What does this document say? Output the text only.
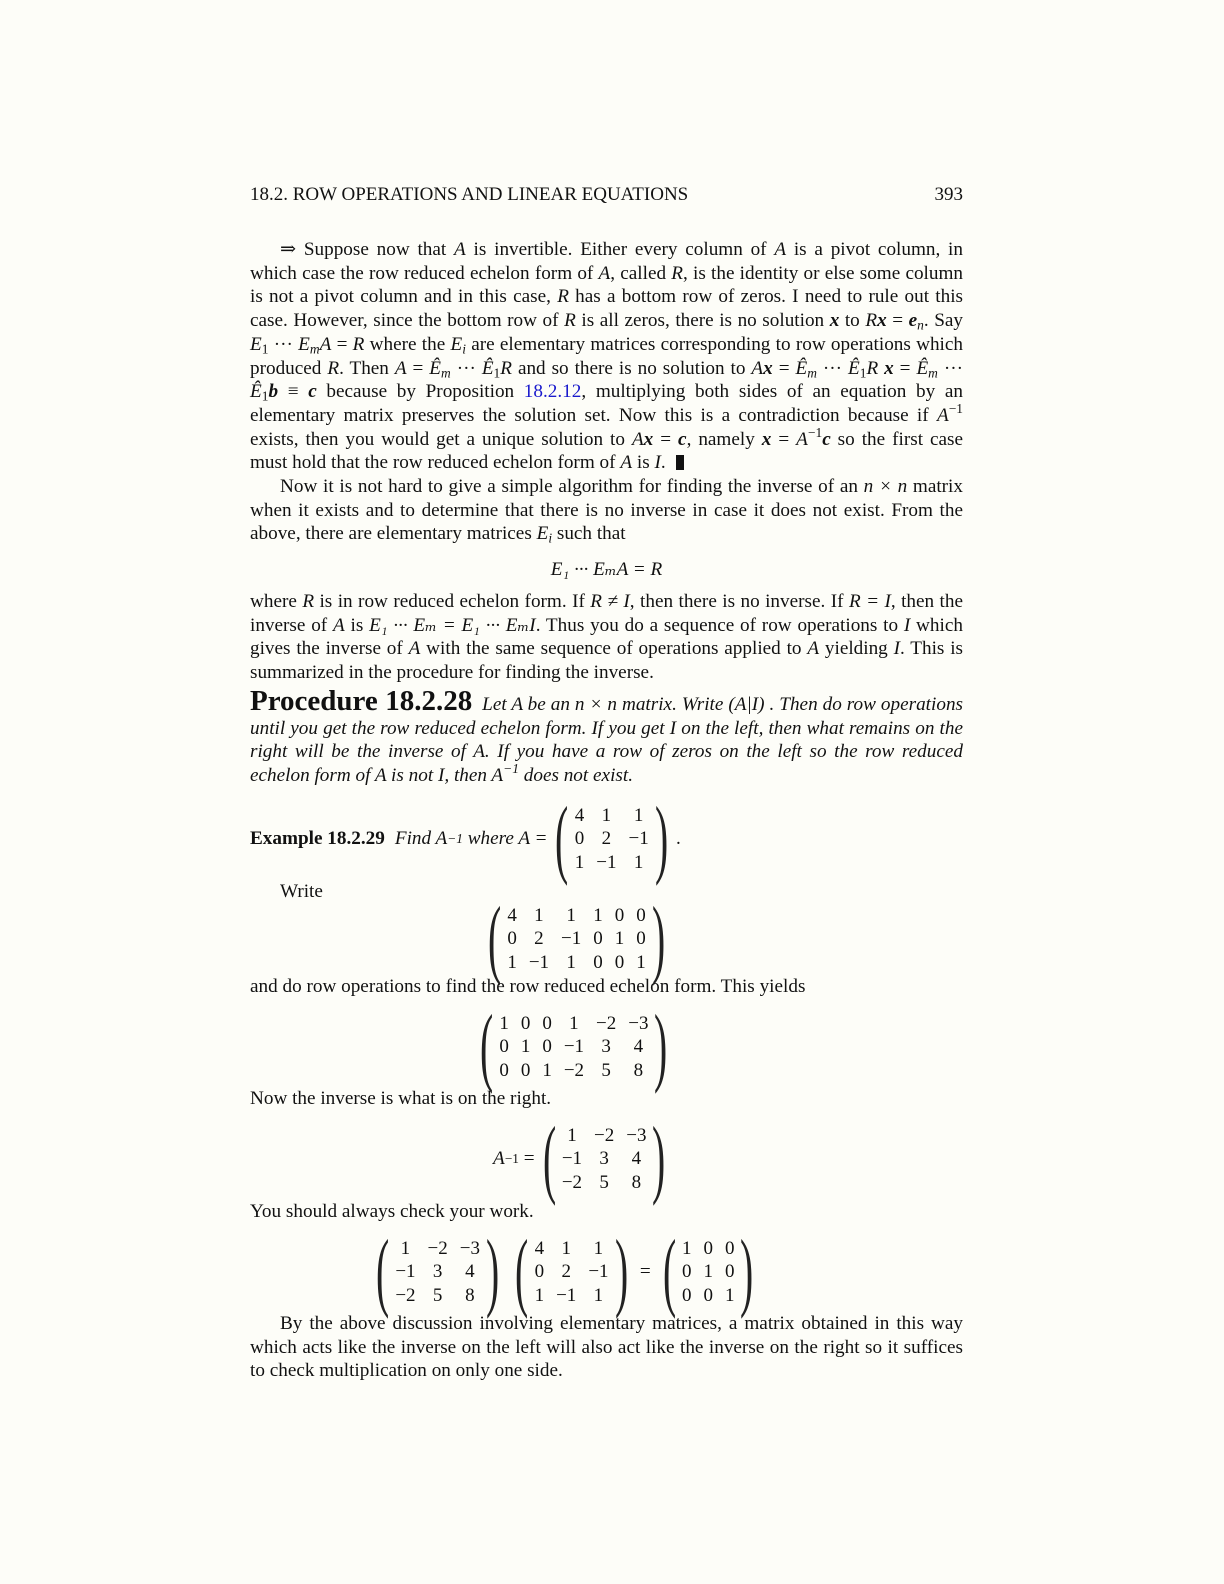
18.2. ROW OPERATIONS AND LINEAR EQUATIONS	393

⇒ Suppose now that A is invertible. Either every column of A is a pivot column, in which case the row reduced echelon form of A, called R, is the identity or else some column is not a pivot column and in this case, R has a bottom row of zeros. I need to rule out this case. However, since the bottom row of R is all zeros, there is no solution x to $Rx = e_n$. Say $E_1$ ··· $E_mA = R$ where the $E_i$ are elementary matrices corresponding to row operations which produced R. Then $A = Ê_m$ ··· $Ê_1R$ and so there is no solution to $Ax = Ê_m$ ··· $Ê_1R$ $x = Ê_m$ ··· $Ê_1b \equiv c$ because by Proposition 18.2.12, multiplying both sides of an equation by an elementary matrix preserves the solution set. Now this is a contradiction because if $A^{-1}$ exists, then you would get a unique solution to Ax = c, namely $x = A^{-1}c$ so the first case must hold that the row reduced echelon form of A is I.

Now it is not hard to give a simple algorithm for finding the inverse of an n × n matrix when it exists and to determine that there is no inverse in case it does not exist. From the above, there are elementary matrices $E_i$ such that

E₁ ··· EₘA = R

where R is in row reduced echelon form. If R ≠ I, then there is no inverse. If R = I, then the inverse of A is E₁ ··· Eₘ = E₁ ··· EₘI. Thus you do a sequence of row operations to I which gives the inverse of A with the same sequence of operations applied to A yielding I. This is summarized in the procedure for finding the inverse.

Procedure 18.2.28 Let A be an n × n matrix. Write (A|I) . Then do row operations until you get the row reduced echelon form. If you get I on the left, then what remains on the right will be the inverse of A. If you have a row of zeros on the left so the row reduced echelon form of A is not I, then $A^{-1}$ does not exist.

Example 18.2.29 Find A −1 where A = ( 4	1	1
0	2	−1
1	−1	1 ) .
Write	( 4	1	1	1	0	0
0	2	−1	0	1	0
1	−1	1	0	0	1 )
and do row operations to find the row reduced echelon form. This yields
( 1	0	0	1	−2	−3
0	1	0	−1	3	4
0	0	1	−2	5	8 )
Now the inverse is what is on the right.
A −1 = ( 1	−2	−3
−1	3	4
−2	5	8 )
You should always check your work.
( 1	−2	−3
−1	3	4
−2	5	8 ) ( 4	1	1
0	2	−1
1	−1	1 ) = ( 1	0	0
0	1	0
0	0	1 )

By the above discussion involving elementary matrices, a matrix obtained in this way which acts like the inverse on the left will also act like the inverse on the right so it suffices to check multiplication on only one side.
